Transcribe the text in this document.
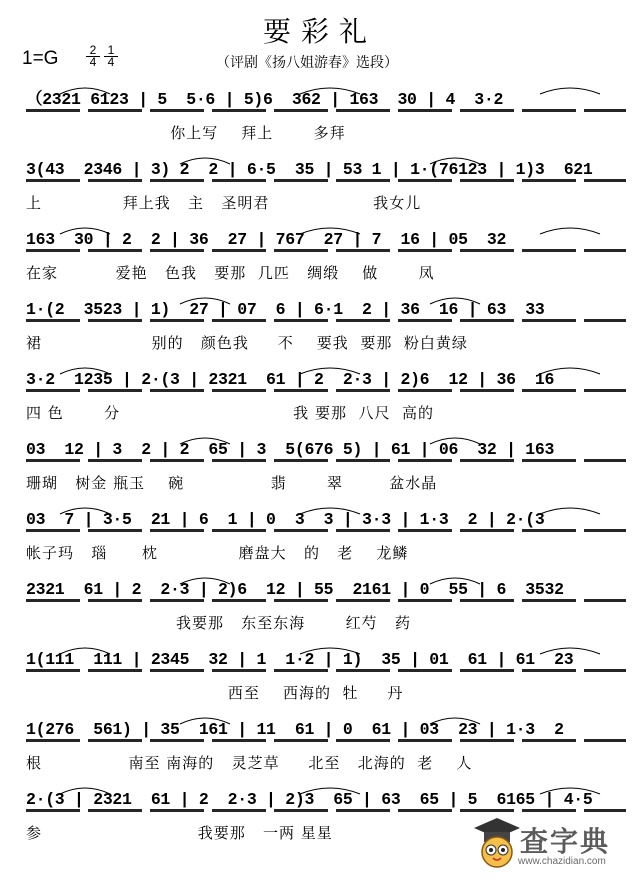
要彩礼
$1=G \frac{2}{4} \frac{1}{4}$	（评剧《扬八姐游春》选段）
（2321 6123 | 5  5·6 | 5)6  362 | 163  30 | 4  3·2
你上写    拜上       多拜
3(43  2346 | 3) 2  2 | 6·5  35 | 53 1 | 1·(76123 | 1)3  621
上              拜上我   主   圣明君                  我女儿
163  30 | 2  2 | 36  27 | 767  27 | 7  16 | 05  32
在家          爱艳   色我   要那  几匹   绸缎    做       凤
1·(2  3523 | 1)  27 | 07  6 | 6·1  2 | 36  16 | 63  33
裙                   别的   颜色我     不    要我  要那  粉白黄绿
3·2  1235 | 2·(3 | 2321  61 | 2  2·3 | 2)6  12 | 36  16
四 色       分                              我 要那  八尺  高的
03  12 | 3  2 | 2  65 | 3  5(676 5) | 61 | 06  32 | 163
珊瑚   树金 瓶玉    碗               翡       翠        盆水晶
03  7 | 3·5  21 | 6  1 | 0  3  3 | 3·3 | 1·3  2 | 2·(3
帐子玛   瑙      枕              磨盘大   的   老    龙鳞
2321  61 | 2  2·3 | 2)6  12 | 55  2161 | 0  55 | 6  3532
我要那   东至东海       红芍   药
1(111  111 | 2345  32 | 1  1·2 | 1)  35 | 01  61 | 61  23
西至    西海的  牡     丹
1(276  561) | 35  161 | 11  61 | 0  61 | 03  23 | 1·3  2
根               南至 南海的   灵芝草     北至   北海的  老    人
2·(3 | 2321  61 | 2  2·3 | 2)3  65 | 63  65 | 5  6165 | 4·5
参                           我要那   一两 星星	查字典
www.chazidian.com
